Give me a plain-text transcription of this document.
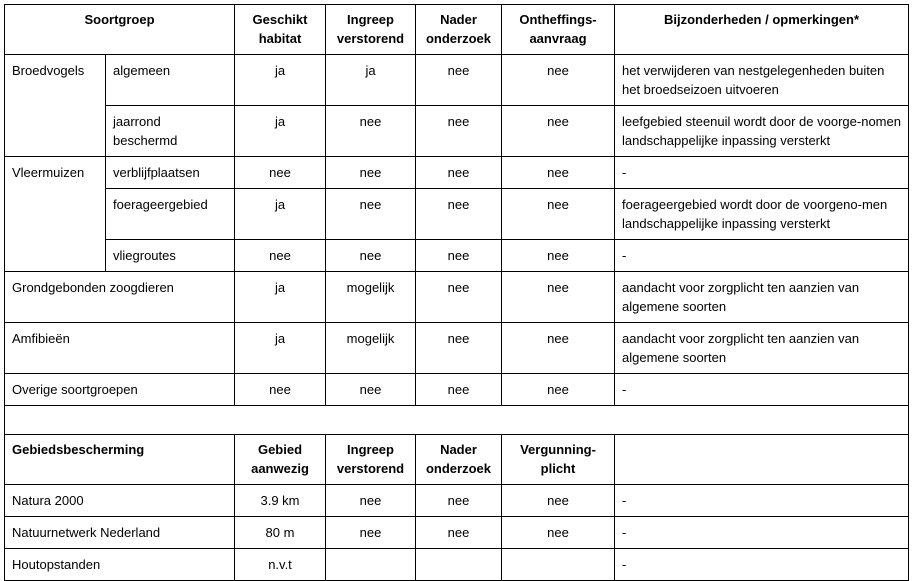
Soortgroep		Geschikt habitat	Ingreep verstorend	Nader onderzoek	Ontheffings-aanvraag	Bijzonderheden / opmerkingen*
Broedvogels	algemeen	ja	ja	nee	nee	het verwijderen van nestgelegenheden buiten het broedseizoen uitvoeren
	jaarrond beschermd	ja	nee	nee	nee	leefgebied steenuil wordt door de voorge-nomen landschappelijke inpassing versterkt
Vleermuizen	verblijfplaatsen	nee	nee	nee	nee	-
	foerageergebied	ja	nee	nee	nee	foerageergebied wordt door de voorgeno-men landschappelijke inpassing versterkt
	vliegroutes	nee	nee	nee	nee	-
Grondgebonden zoogdieren		ja	mogelijk	nee	nee	aandacht voor zorgplicht ten aanzien van algemene soorten
Amfibieën		ja	mogelijk	nee	nee	aandacht voor zorgplicht ten aanzien van algemene soorten
Overige soortgroepen		nee	nee	nee	nee	-

Gebiedsbescherming		Gebied aanwezig	Ingreep verstorend	Nader onderzoek	Vergunning-plicht	
Natura 2000		3.9 km	nee	nee	nee	-
Natuurnetwerk Nederland		80 m	nee	nee	nee	-
Houtopstanden		n.v.t				-
